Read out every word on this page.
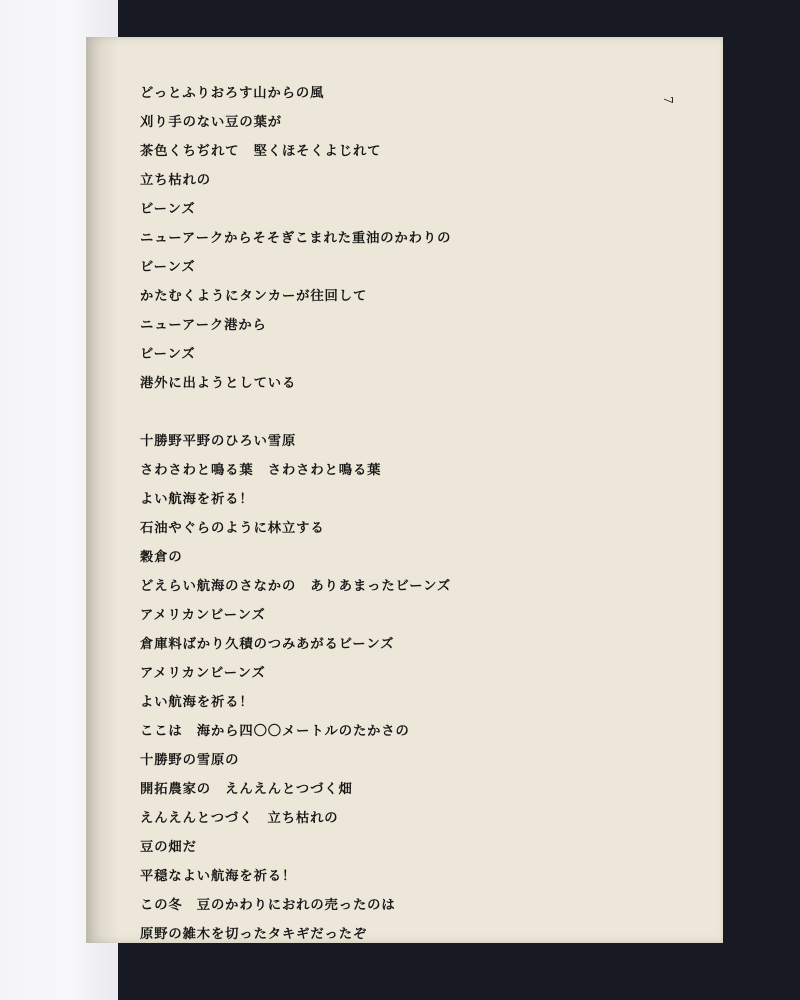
7
どっとふりおろす山からの風
刈り手のない豆の葉が
茶色くちぢれて　堅くほそくよじれて
立ち枯れの
ビーンズ
ニューアークからそそぎこまれた重油のかわりの
ビーンズ
かたむくようにタンカーが往回して
ニューアーク港から
ビーンズ
港外に出ようとしている
十勝野平野のひろい雪原
さわさわと鳴る葉　さわさわと鳴る葉
よい航海を祈る！
石油やぐらのように林立する
穀倉の
どえらい航海のさなかの　ありあまったビーンズ
アメリカンビーンズ
倉庫料ばかり久積のつみあがるビーンズ
アメリカンビーンズ
よい航海を祈る！
ここは　海から四〇〇メートルのたかさの
十勝野の雪原の
開拓農家の　えんえんとつづく畑
えんえんとつづく　立ち枯れの
豆の畑だ
平穏なよい航海を祈る！
この冬　豆のかわりにおれの売ったのは
原野の雑木を切ったタキギだったぞ
